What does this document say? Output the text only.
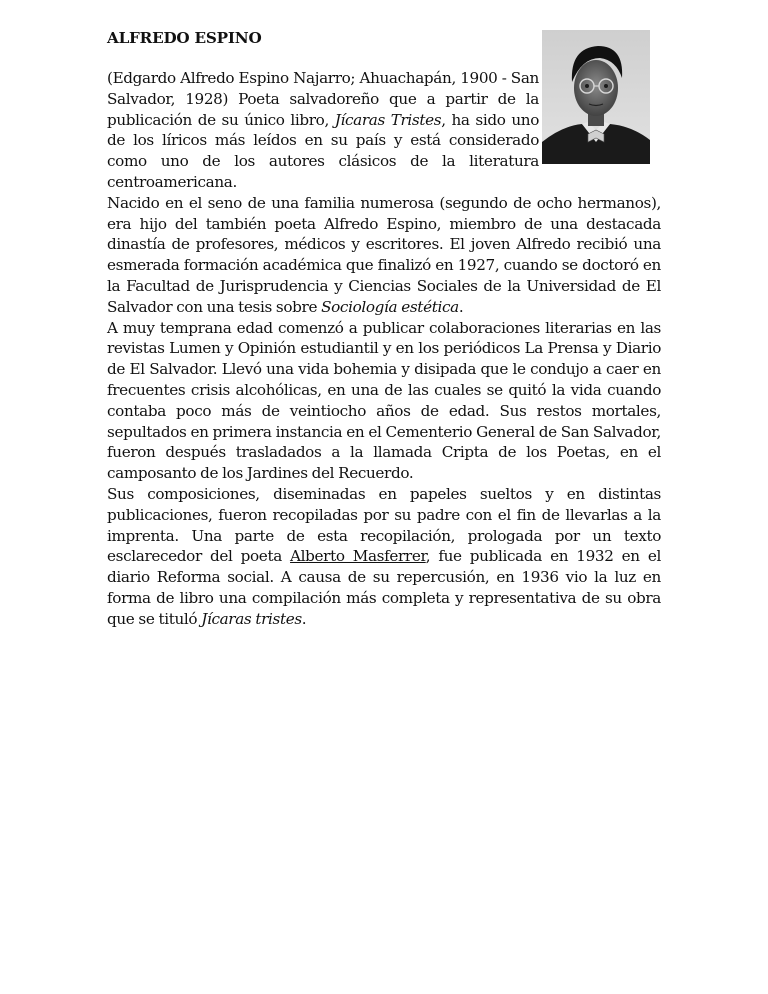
ALFREDO ESPINO

(Edgardo Alfredo Espino Najarro; Ahuachapán, 1900 - San Salvador, 1928) Poeta salvadoreño que a partir de la publicación de su único libro, Jícaras Tristes, ha sido uno de los líricos más leídos en su país y está considerado como uno de los autores clásicos de la literatura centroamericana.

Nacido en el seno de una familia numerosa (segundo de ocho hermanos), era hijo del también poeta Alfredo Espino, miembro de una destacada dinastía de profesores, médicos y escritores. El joven Alfredo recibió una esmerada formación académica que finalizó en 1927, cuando se doctoró en la Facultad de Jurisprudencia y Ciencias Sociales de la Universidad de El Salvador con una tesis sobre Sociología estética.

A muy temprana edad comenzó a publicar colaboraciones literarias en las revistas Lumen y Opinión estudiantil y en los periódicos La Prensa y Diario de El Salvador. Llevó una vida bohemia y disipada que le condujo a caer en frecuentes crisis alcohólicas, en una de las cuales se quitó la vida cuando contaba poco más de veintiocho años de edad. Sus restos mortales, sepultados en primera instancia en el Cementerio General de San Salvador, fueron después trasladados a la llamada Cripta de los Poetas, en el camposanto de los Jardines del Recuerdo.

Sus composiciones, diseminadas en papeles sueltos y en distintas publicaciones, fueron recopiladas por su padre con el fin de llevarlas a la imprenta. Una parte de esta recopilación, prologada por un texto esclarecedor del poeta Alberto Masferrer, fue publicada en 1932 en el diario Reforma social. A causa de su repercusión, en 1936 vio la luz en forma de libro una compilación más completa y representativa de su obra que se tituló Jícaras tristes.
